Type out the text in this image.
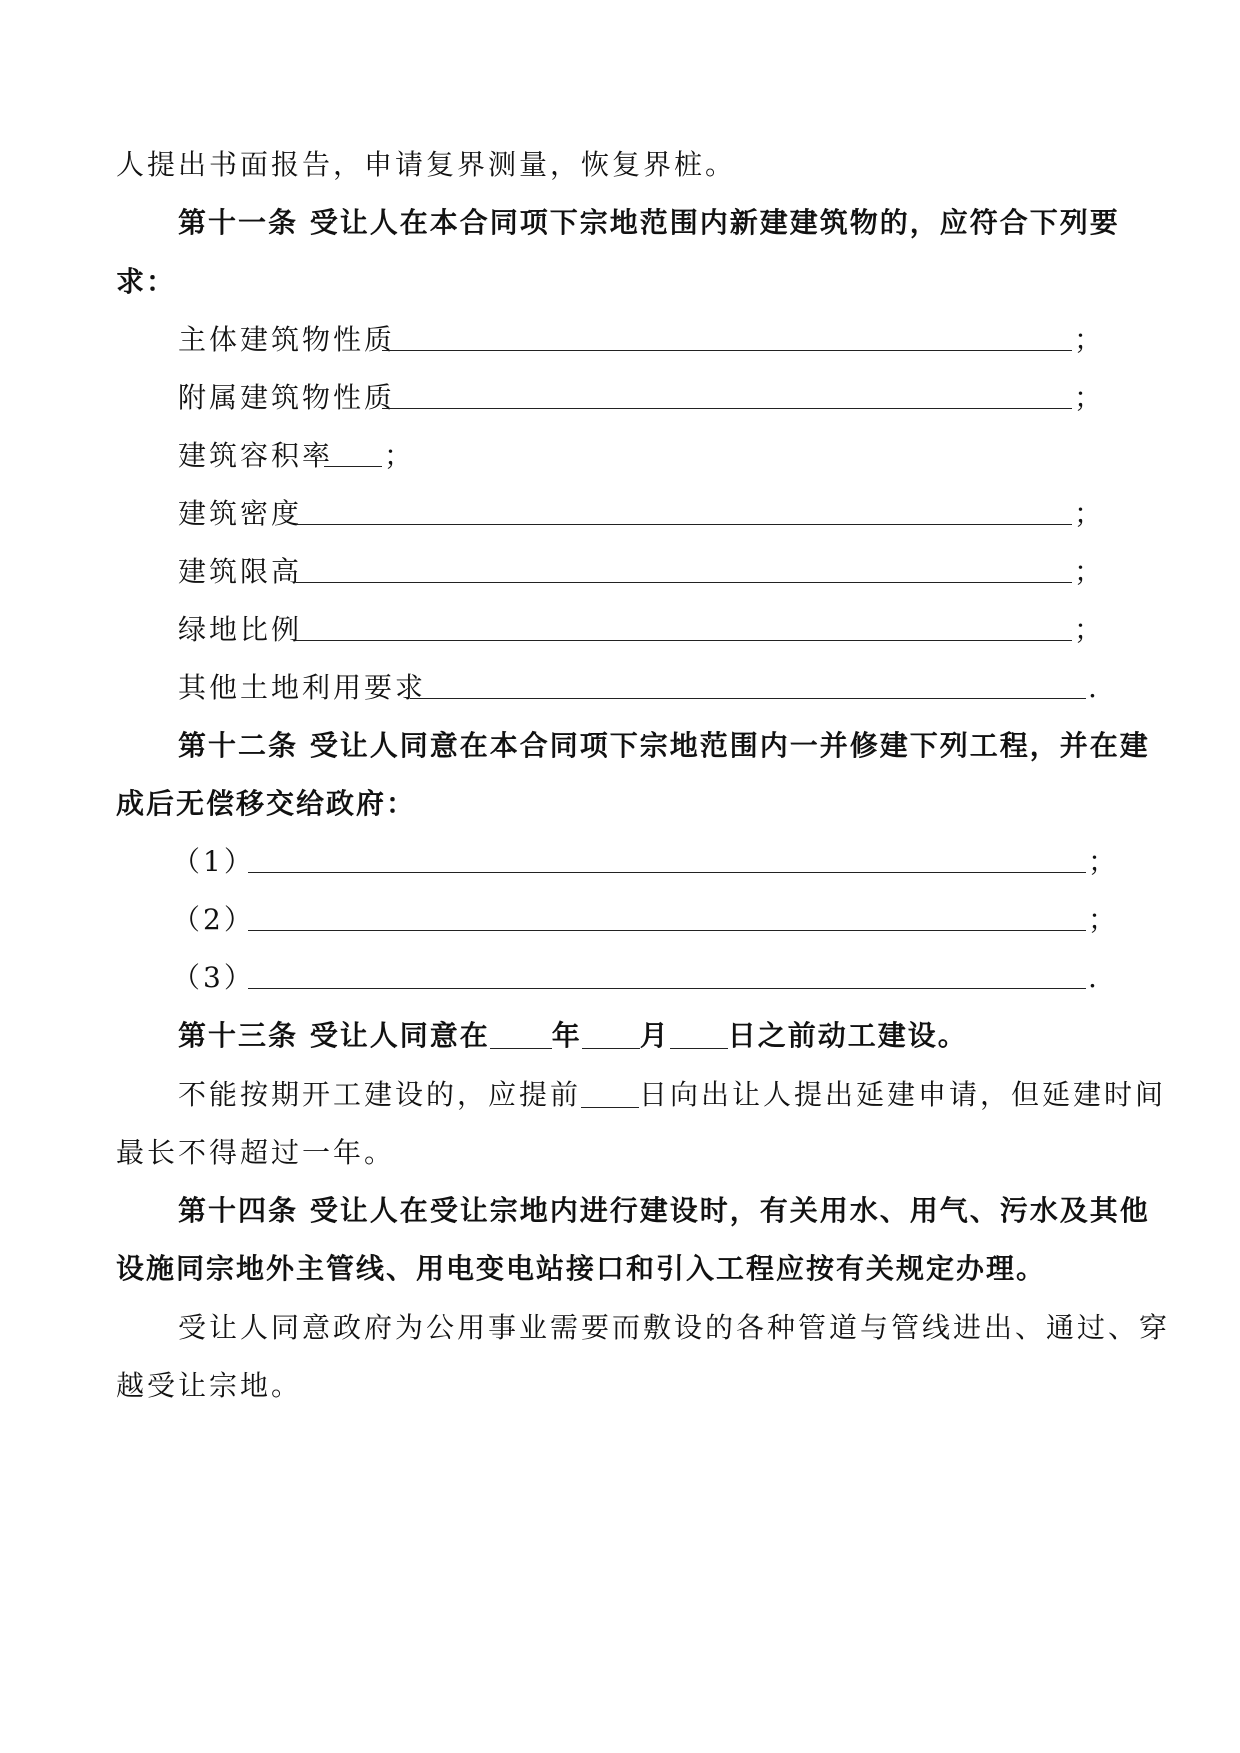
人提出书面报告，申请复界测量，恢复界桩。
第十一条 受让人在本合同项下宗地范围内新建建筑物的，应符合下列要
求：
主体建筑物性质	；
附属建筑物性质	；
建筑容积率 ；
建筑密度	；
建筑限高	；
绿地比例	；
其他土地利用要求	.
第十二条 受让人同意在本合同项下宗地范围内一并修建下列工程，并在建
成后无偿移交给政府：
（1）	；
（2）	；
（3）	.
第十三条 受让人同意在 年 月 日之前动工建设。
不能按期开工建设的，应提前 日向出让人提出延建申请，但延建时间
最长不得超过一年。
第十四条 受让人在受让宗地内进行建设时，有关用水、用气、污水及其他
设施同宗地外主管线、用电变电站接口和引入工程应按有关规定办理。
受让人同意政府为公用事业需要而敷设的各种管道与管线进出、通过、穿
越受让宗地。
